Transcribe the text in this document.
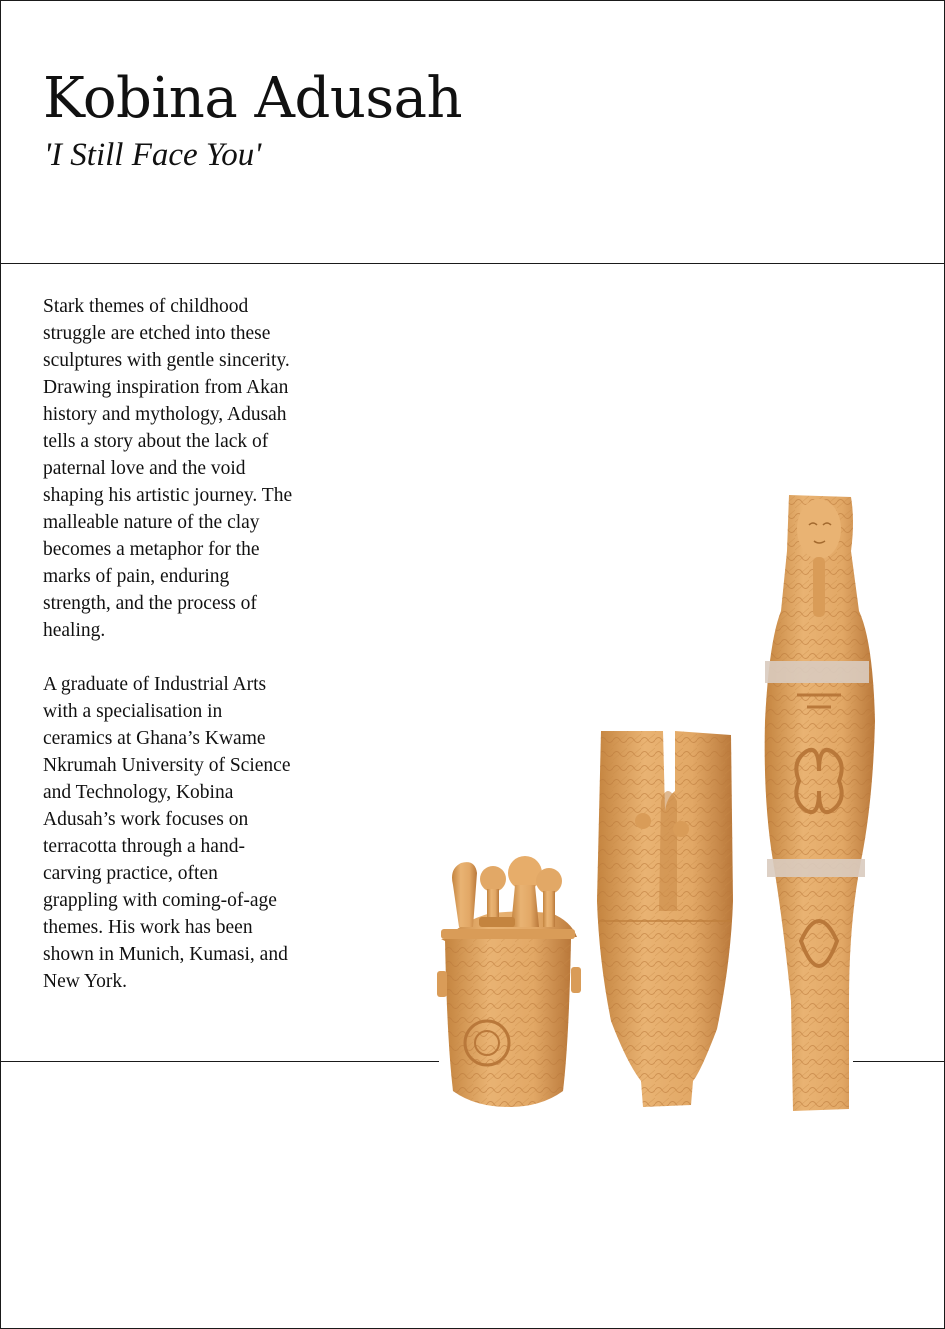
Kobina Adusah
'I Still Face You'

Stark themes of childhood struggle are etched into these sculptures with gentle sincerity. Drawing inspiration from Akan history and mythology, Adusah tells a story about the lack of paternal love and the void shaping his artistic journey. The malleable nature of the clay becomes a metaphor for the marks of pain, enduring strength, and the process of healing.

A graduate of Industrial Arts with a specialisation in ceramics at Ghana’s Kwame Nkrumah University of Science and Technology, Kobina Adusah’s work focuses on terracotta through a hand-carving practice, often grappling with coming-of-age themes. His work has been shown in Munich, Kumasi, and New York.
